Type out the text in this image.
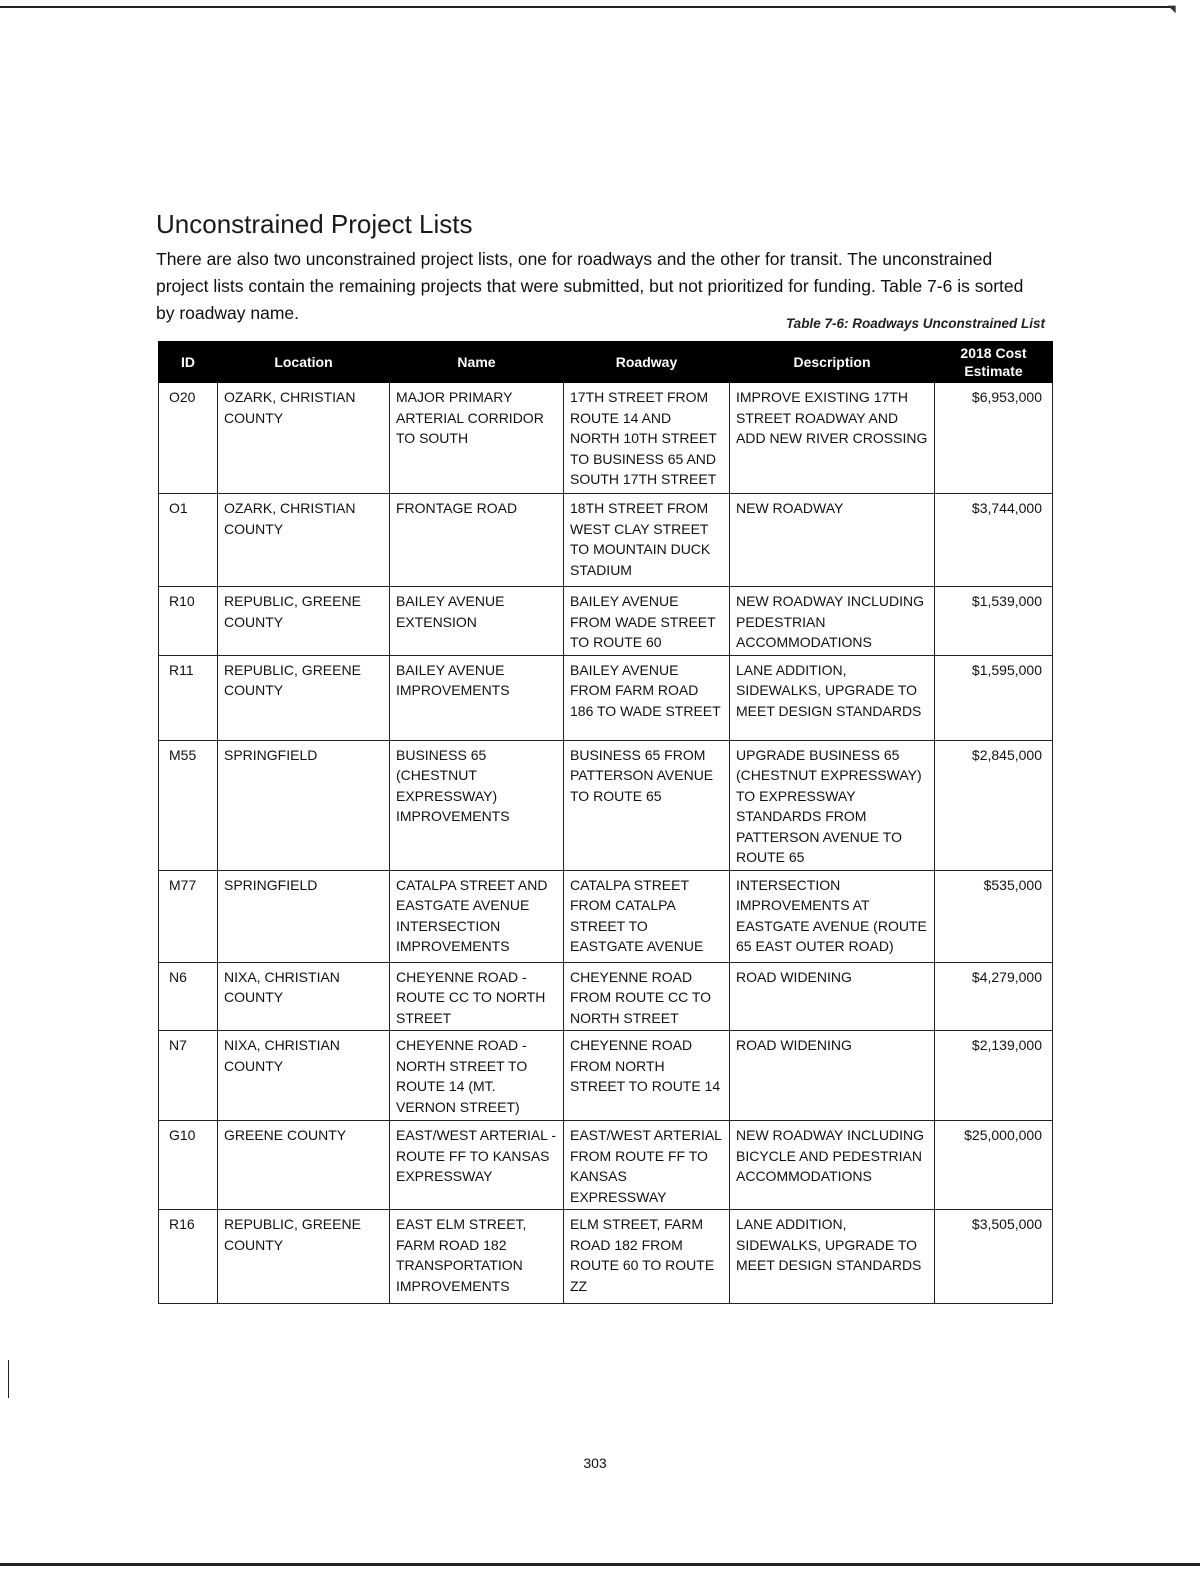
◥
Unconstrained Project Lists
There are also two unconstrained project lists, one for roadways and the other for transit. The unconstrained project lists contain the remaining projects that were submitted, but not prioritized for funding. Table 7-6 is sorted by roadway name.
Table 7-6: Roadways Unconstrained List
ID	Location	Name	Roadway	Description	2018 Cost Estimate
O20	OZARK, CHRISTIAN COUNTY	MAJOR PRIMARY ARTERIAL CORRIDOR TO SOUTH	17TH STREET FROM ROUTE 14 AND NORTH 10TH STREET TO BUSINESS 65 AND SOUTH 17TH STREET	IMPROVE EXISTING 17TH STREET ROADWAY AND ADD NEW RIVER CROSSING	$6,953,000
O1	OZARK, CHRISTIAN COUNTY	FRONTAGE ROAD	18TH STREET FROM WEST CLAY STREET TO MOUNTAIN DUCK STADIUM	NEW ROADWAY	$3,744,000
R10	REPUBLIC, GREENE COUNTY	BAILEY AVENUE EXTENSION	BAILEY AVENUE FROM WADE STREET TO ROUTE 60	NEW ROADWAY INCLUDING PEDESTRIAN ACCOMMODATIONS	$1,539,000
R11	REPUBLIC, GREENE COUNTY	BAILEY AVENUE IMPROVEMENTS	BAILEY AVENUE FROM FARM ROAD 186 TO WADE STREET	LANE ADDITION, SIDEWALKS, UPGRADE TO MEET DESIGN STANDARDS	$1,595,000
M55	SPRINGFIELD	BUSINESS 65 (CHESTNUT EXPRESSWAY) IMPROVEMENTS	BUSINESS 65 FROM PATTERSON AVENUE TO ROUTE 65	UPGRADE BUSINESS 65 (CHESTNUT EXPRESSWAY) TO EXPRESSWAY STANDARDS FROM PATTERSON AVENUE TO ROUTE 65	$2,845,000
M77	SPRINGFIELD	CATALPA STREET AND EASTGATE AVENUE INTERSECTION IMPROVEMENTS	CATALPA STREET FROM CATALPA STREET TO EASTGATE AVENUE	INTERSECTION IMPROVEMENTS AT EASTGATE AVENUE (ROUTE 65 EAST OUTER ROAD)	$535,000
N6	NIXA, CHRISTIAN COUNTY	CHEYENNE ROAD - ROUTE CC TO NORTH STREET	CHEYENNE ROAD FROM ROUTE CC TO NORTH STREET	ROAD WIDENING	$4,279,000
N7	NIXA, CHRISTIAN COUNTY	CHEYENNE ROAD - NORTH STREET TO ROUTE 14 (MT. VERNON STREET)	CHEYENNE ROAD FROM NORTH STREET TO ROUTE 14	ROAD WIDENING	$2,139,000
G10	GREENE COUNTY	EAST/WEST ARTERIAL - ROUTE FF TO KANSAS EXPRESSWAY	EAST/WEST ARTERIAL FROM ROUTE FF TO KANSAS EXPRESSWAY	NEW ROADWAY INCLUDING BICYCLE AND PEDESTRIAN ACCOMMODATIONS	$25,000,000
R16	REPUBLIC, GREENE COUNTY	EAST ELM STREET, FARM ROAD 182 TRANSPORTATION IMPROVEMENTS	ELM STREET, FARM ROAD 182 FROM ROUTE 60 TO ROUTE ZZ	LANE ADDITION, SIDEWALKS, UPGRADE TO MEET DESIGN STANDARDS	$3,505,000
303
